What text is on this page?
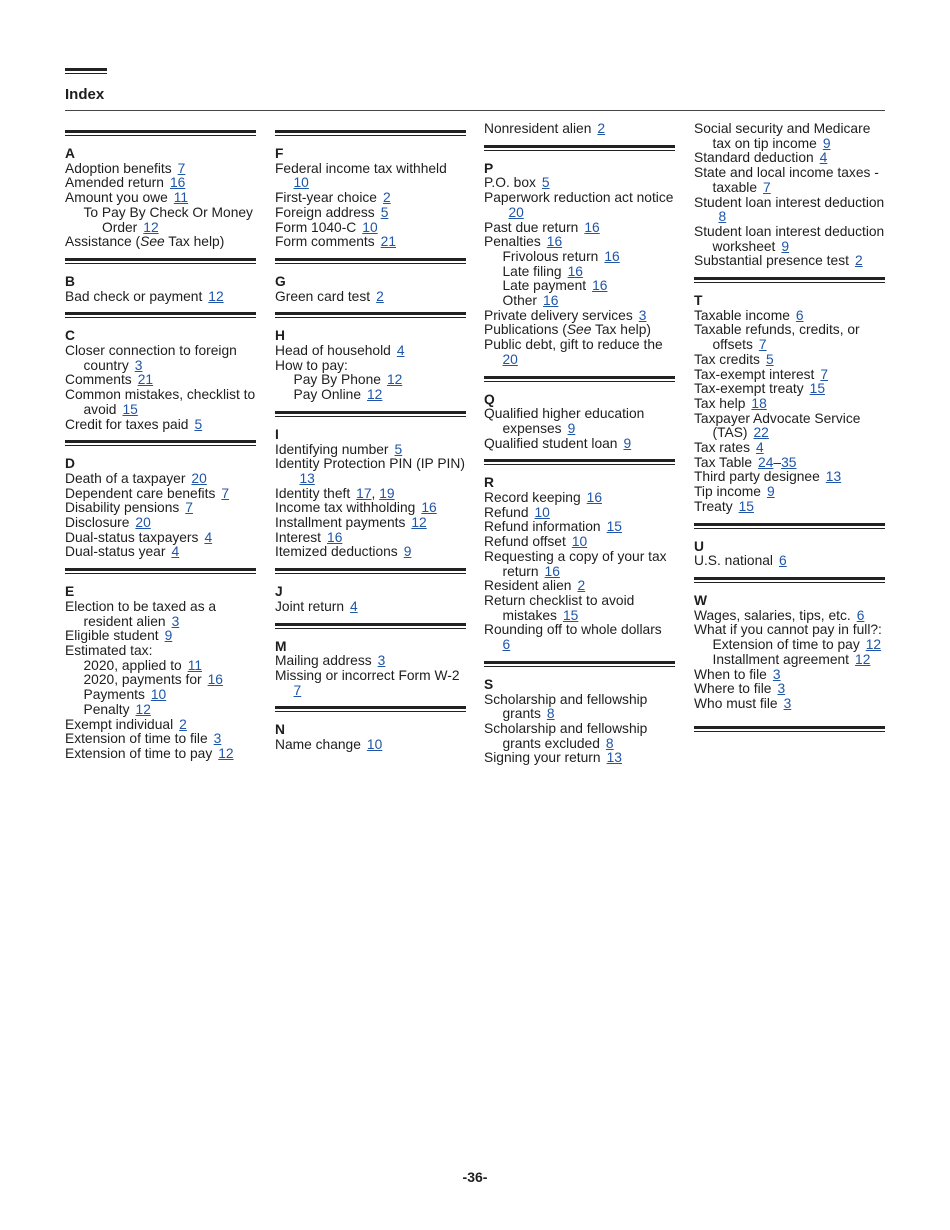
Index
A
Adoption benefits 7
Amended return 16
Amount you owe 11
To Pay By Check Or Money Order 12
Assistance (See Tax help)
B
Bad check or payment 12
C
Closer connection to foreign country 3
Comments 21
Common mistakes, checklist to avoid 15
Credit for taxes paid 5
D
Death of a taxpayer 20
Dependent care benefits 7
Disability pensions 7
Disclosure 20
Dual-status taxpayers 4
Dual-status year 4
E
Election to be taxed as a resident alien 3
Eligible student 9
Estimated tax:
2020, applied to 11
2020, payments for 16
Payments 10
Penalty 12
Exempt individual 2
Extension of time to file 3
Extension of time to pay 12
F
Federal income tax withheld10
First-year choice 2
Foreign address 5
Form 1040-C 10
Form comments 21
G
Green card test 2
H
Head of household 4
How to pay:
Pay By Phone 12
Pay Online 12
I
Identifying number 5
Identity Protection PIN (IP PIN)13
Identity theft 17, 19
Income tax withholding 16
Installment payments 12
Interest 16
Itemized deductions 9
J
Joint return 4
M
Mailing address 3
Missing or incorrect Form W-27
N
Name change 10
Nonresident alien 2
P
P.O. box 5
Paperwork reduction act notice20
Past due return 16
Penalties 16
Frivolous return 16
Late filing 16
Late payment 16
Other 16
Private delivery services 3
Publications (See Tax help)
Public debt, gift to reduce the20
Q
Qualified higher education expenses 9
Qualified student loan 9
R
Record keeping 16
Refund 10
Refund information 15
Refund offset 10
Requesting a copy of your tax return 16
Resident alien 2
Return checklist to avoid mistakes 15
Rounding off to whole dollars6
S
Scholarship and fellowship grants 8
Scholarship and fellowship grants excluded 8
Signing your return 13
Social security and Medicare tax on tip income 9
Standard deduction 4
State and local income taxes - taxable 7
Student loan interest deduction8
Student loan interest deduction worksheet 9
Substantial presence test 2
T
Taxable income 6
Taxable refunds, credits, or offsets 7
Tax credits 5
Tax-exempt interest 7
Tax-exempt treaty 15
Tax help 18
Taxpayer Advocate Service (TAS) 22
Tax rates 4
Tax Table 24–35
Third party designee 13
Tip income 9
Treaty 15
U
U.S. national 6
W
Wages, salaries, tips, etc. 6
What if you cannot pay in full?:
Extension of time to pay 12
Installment agreement 12
When to file 3
Where to file 3
Who must file 3
-36-
